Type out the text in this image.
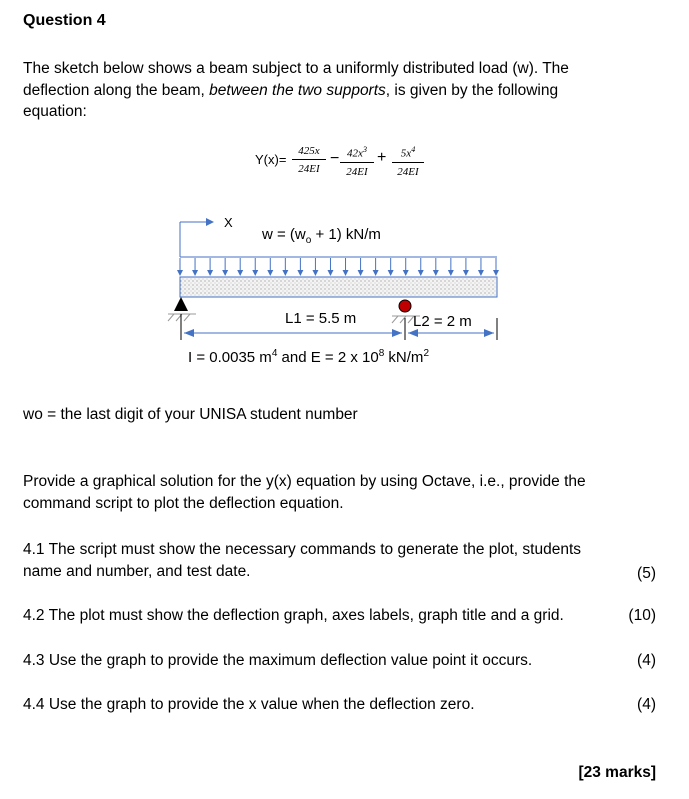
Question 4
The sketch below shows a beam subject to a uniformly distributed load (w). The
deflection along the beam, between the two supports, is given by the following
equation:
Y(x)=
425x
24EI
− $42x^3$
24EI
+	$5x^4$
24EI
X
$w = (w_o + 1)$ kN/m
L1 = 5.5 m	L2 = 2 m
I = 0.0035 $m^4$ and E = 2 x $10^8$ $kN/m^2$
wo = the last digit of your UNISA student number
Provide a graphical solution for the y(x) equation by using Octave, i.e., provide the
command script to plot the deflection equation.
4.1 The script must show the necessary commands to generate the plot, students
name and number, and test date.	(5)
4.2 The plot must show the deflection graph, axes labels, graph title and a grid.	(10)
4.3 Use the graph to provide the maximum deflection value point it occurs.	(4)
4.4 Use the graph to provide the x value when the deflection zero.	(4)
[23 marks]
